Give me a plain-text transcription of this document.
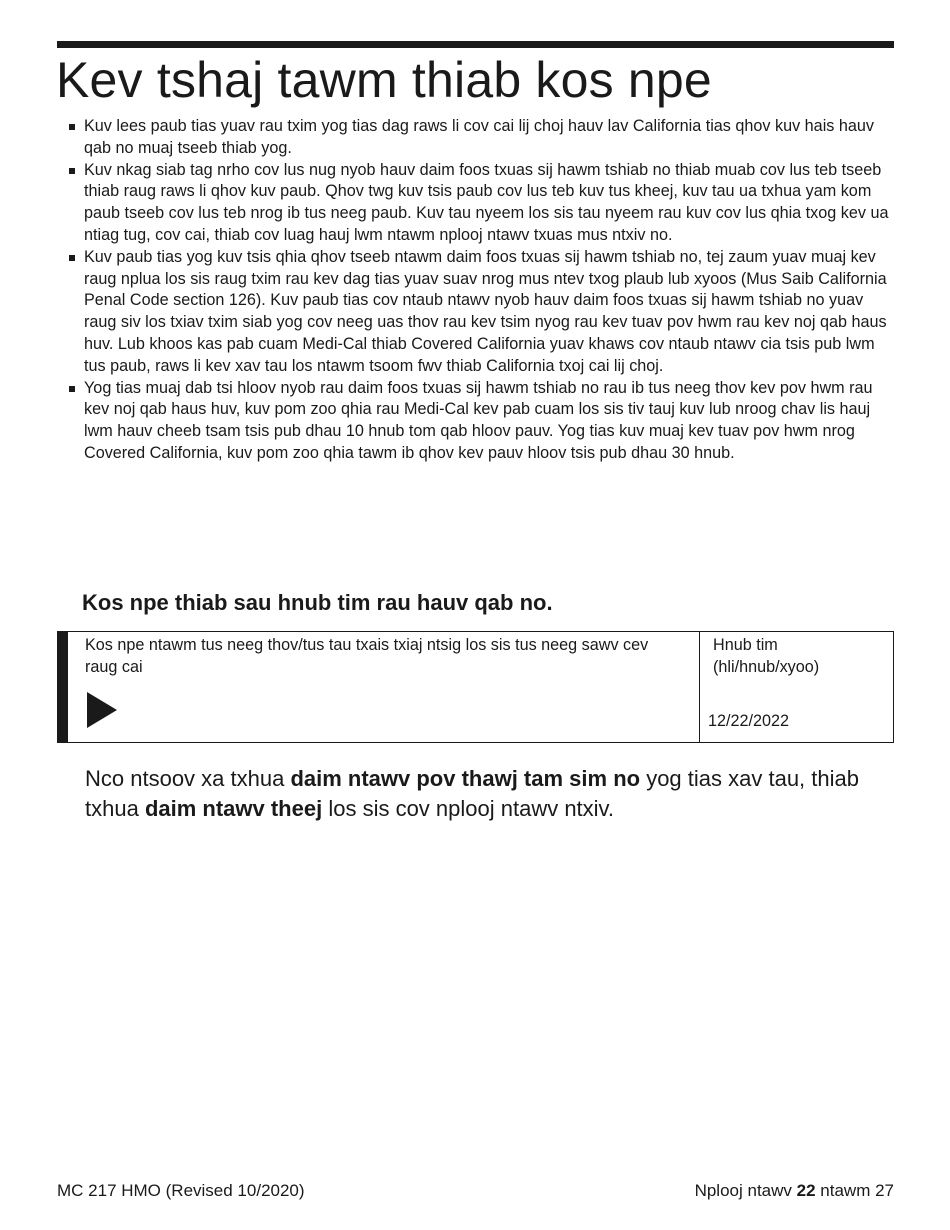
Kev tshaj tawm thiab kos npe
Kuv lees paub tias yuav rau txim yog tias dag raws li cov cai lij choj hauv lav California tias qhov kuv hais hauv qab no muaj tseeb thiab yog.
Kuv nkag siab tag nrho cov lus nug nyob hauv daim foos txuas sij hawm tshiab no thiab muab cov lus teb tseeb thiab raug raws li qhov kuv paub. Qhov twg kuv tsis paub cov lus teb kuv tus kheej, kuv tau ua txhua yam kom paub tseeb cov lus teb nrog ib tus neeg paub. Kuv tau nyeem los sis tau nyeem rau kuv cov lus qhia txog kev ua ntiag tug, cov cai, thiab cov luag hauj lwm ntawm nplooj ntawv txuas mus ntxiv no.
Kuv paub tias yog kuv tsis qhia qhov tseeb ntawm daim foos txuas sij hawm tshiab no, tej zaum yuav muaj kev raug nplua los sis raug txim rau kev dag tias yuav suav nrog mus ntev txog plaub lub xyoos (Mus Saib California Penal Code section 126). Kuv paub tias cov ntaub ntawv nyob hauv daim foos txuas sij hawm tshiab no yuav raug siv los txiav txim siab yog cov neeg uas thov rau kev tsim nyog rau kev tuav pov hwm rau kev noj qab haus huv. Lub khoos kas pab cuam Medi-Cal thiab Covered California yuav khaws cov ntaub ntawv cia tsis pub lwm tus paub, raws li kev xav tau los ntawm tsoom fwv thiab California txoj cai lij choj.
Yog tias muaj dab tsi hloov nyob rau daim foos txuas sij hawm tshiab no rau ib tus neeg thov kev pov hwm rau kev noj qab haus huv, kuv pom zoo qhia rau Medi-Cal kev pab cuam los sis tiv tauj kuv lub nroog chav lis hauj lwm hauv cheeb tsam tsis pub dhau 10 hnub tom qab hloov pauv. Yog tias kuv muaj kev tuav pov hwm nrog Covered California, kuv pom zoo qhia tawm ib qhov kev pauv hloov tsis pub dhau 30 hnub.
Kos npe thiab sau hnub tim rau hauv qab no.
Kos npe ntawm tus neeg thov/tus tau txais txiaj ntsig los sis tus neeg sawv cev raug cai
Hnub tim
(hli/hnub/xyoo)
12/22/2022

Nco ntsoov xa txhua daim ntawv pov thawj tam sim no yog tias xav tau, thiab txhua daim ntawv theej los sis cov nplooj ntawv ntxiv.

MC 217 HMO (Revised 10/2020)	Nplooj ntawv 22 ntawm 27
